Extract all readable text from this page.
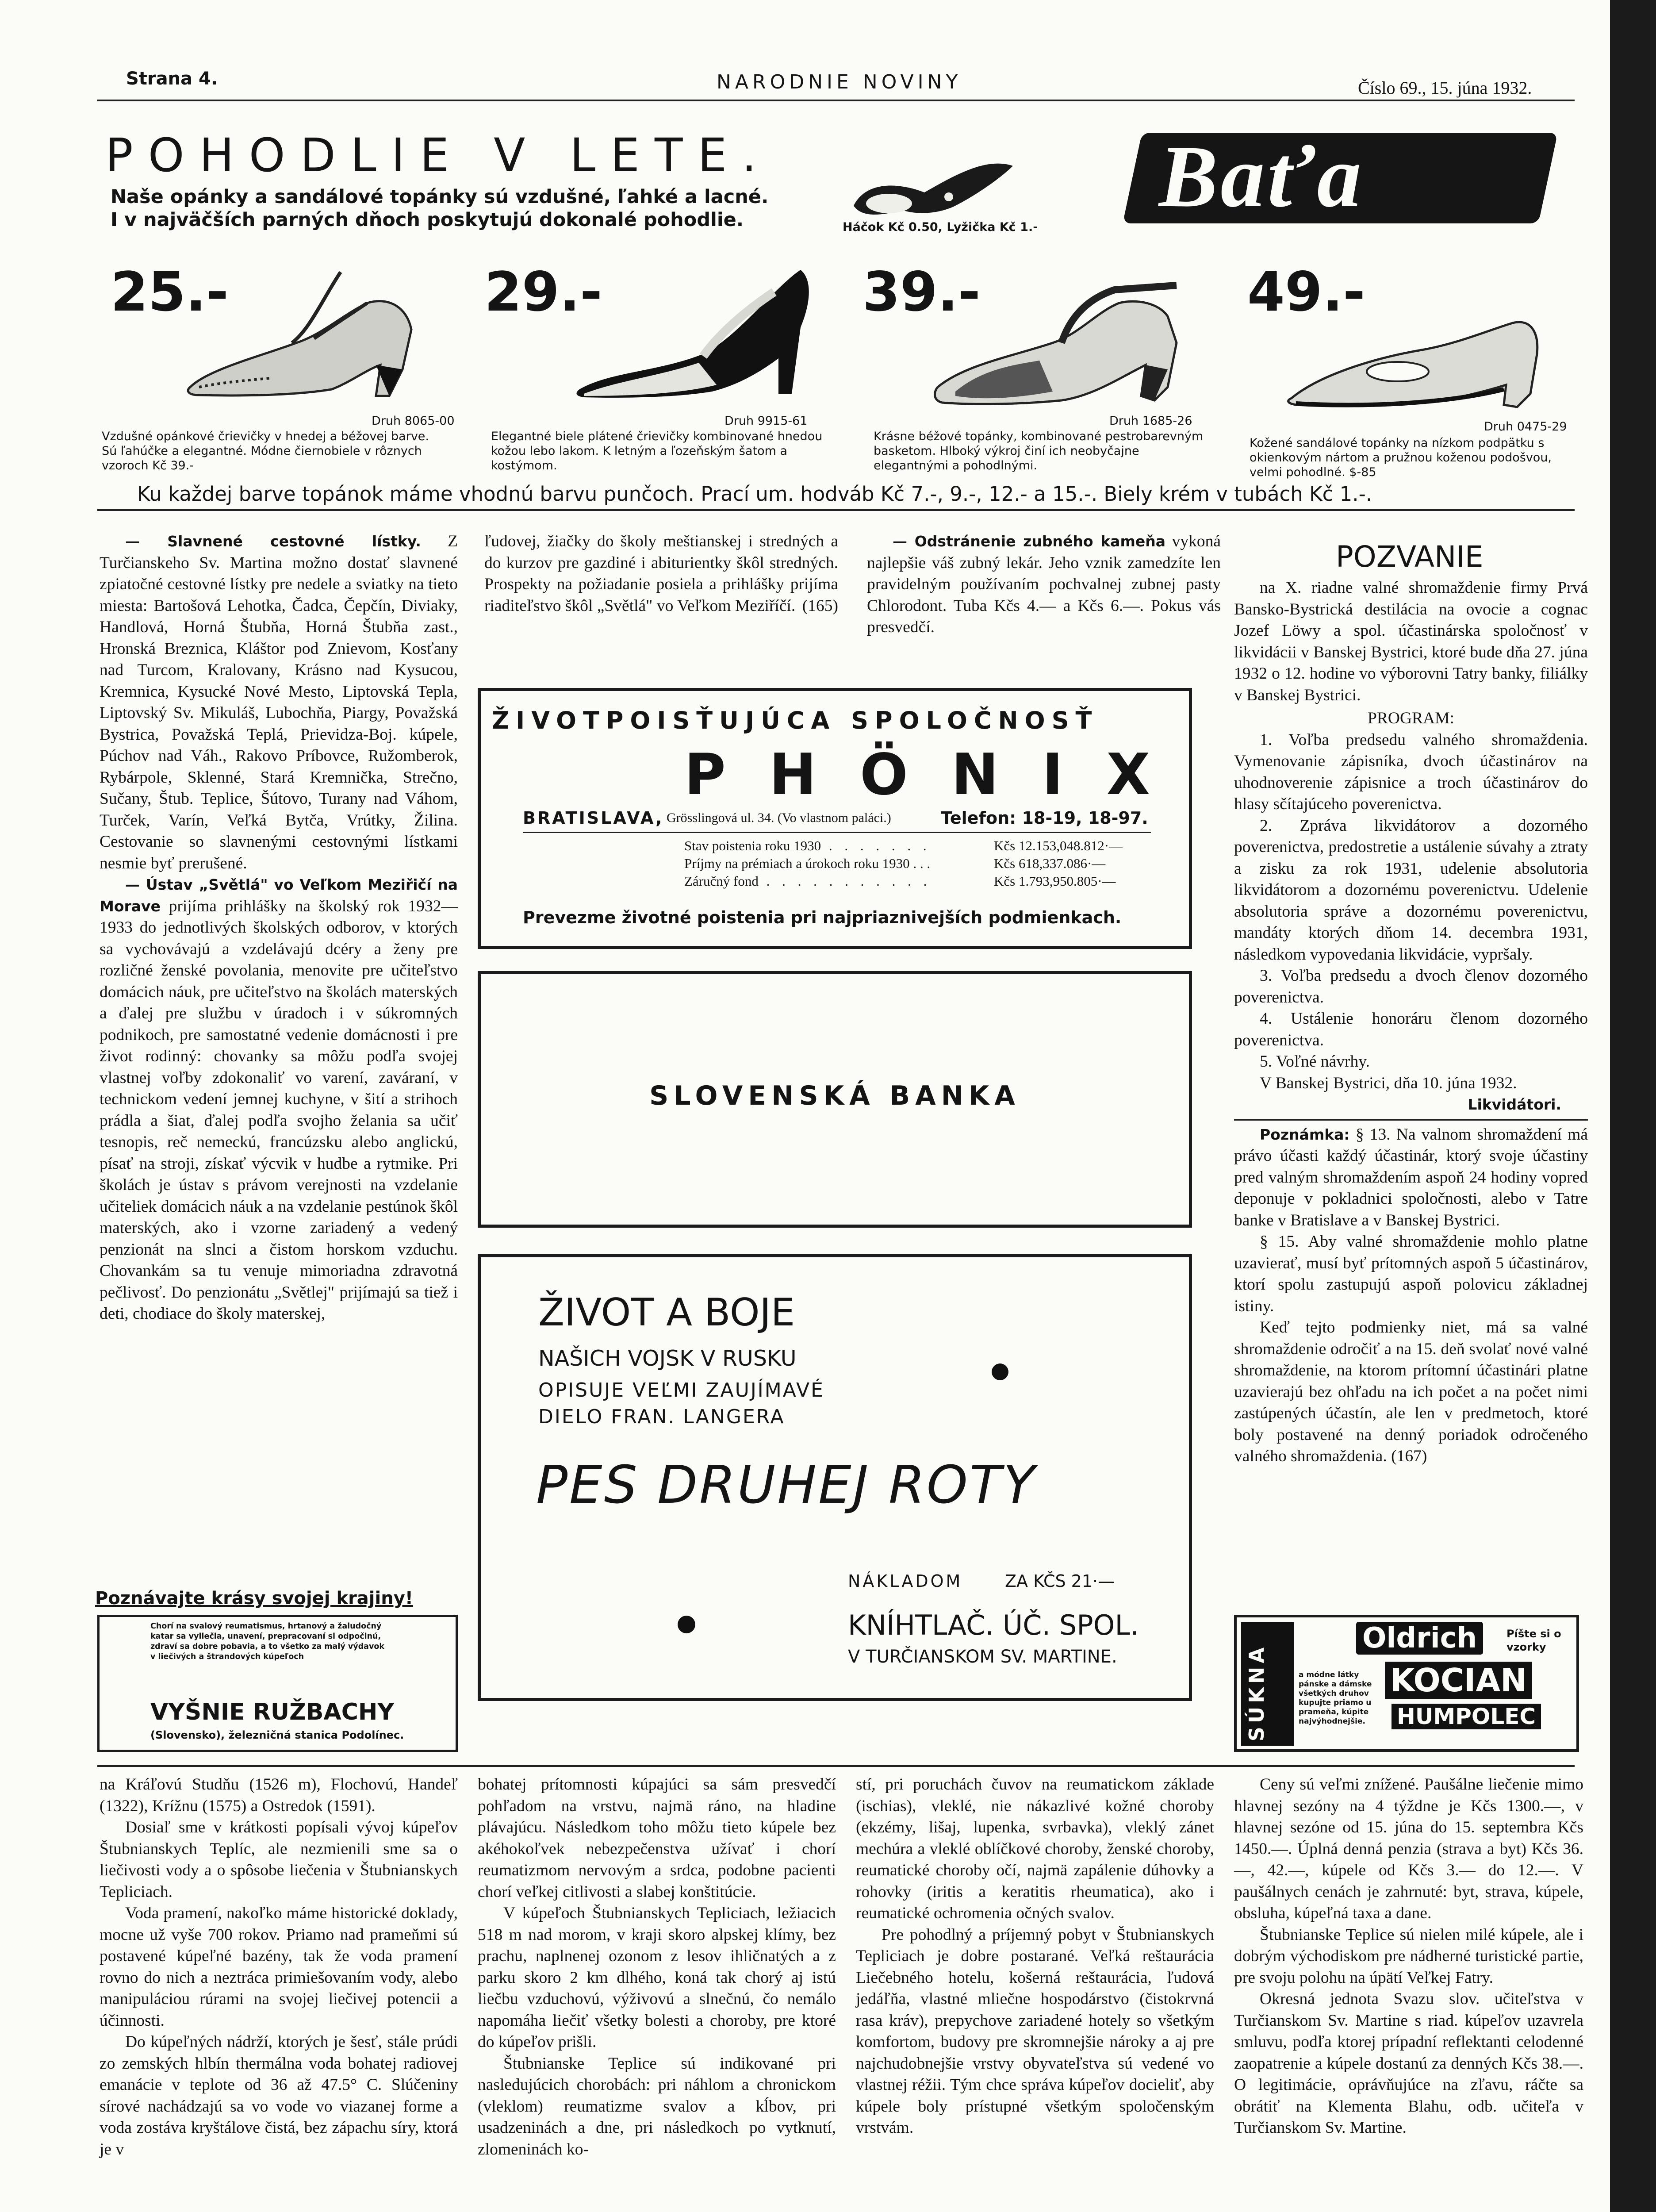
Strana 4.	NARODNIE NOVINY	Číslo 69., 15. júna 1932.
POHODLIE V LETE.
Naše opánky a sandálové topánky sú vzdušné, ľahké a lacné.
I v najväčších parných dňoch poskytujú dokonalé pohodlie.	Háčok Kč 0.50, Lyžička Kč 1.-
Baťa
25.-
Druh 8065-00
Vzdušné opánkové črievičky v hnedej a béžovej barve. Sú ľahúčke a elegantné. Módne čiernobiele v rôznych vzoroch Kč 39.-
29.-
Druh 9915-61
Elegantné biele plátené črievičky kombinované hnedou kožou lebo lakom. K letným a ľozeňským šatom a kostýmom.
39.-
Druh 1685-26
Krásne béžové topánky, kombinované pestrobarevným basketom. Hlboký výkroj činí ich neobyčajne elegantnými a pohodlnými.
49.-
Druh 0475-29
Kožené sandálové topánky na nízkom podpätku s okienkovým nártom a pružnou koženou podošvou, velmi pohodlné. $-85
Ku každej barve topánok máme vhodnú barvu punčoch. Prací um. hodváb Kč 7.-, 9.-, 12.- a 15.-. Biely krém v tubách Kč 1.-.

— Slavnené cestovné lístky. Z Turčianskeho Sv. Martina možno dostať slavnené zpiatočné cestovné lístky pre nedele a sviatky na tieto miesta: Bartošová Lehotka, Čadca, Čepčín, Diviaky, Handlová, Horná Štubňa, Horná Štubňa zast., Hronská Breznica, Kláštor pod Znievom, Kosťany nad Turcom, Kralovany, Krásno nad Kysucou, Kremnica, Kysucké Nové Mesto, Liptovská Tepla, Liptovský Sv. Mikuláš, Lubochňa, Piargy, Považská Bystrica, Považská Teplá, Prievidza-Boj. kúpele, Púchov nad Váh., Rakovo Príbovce, Ružomberok, Rybárpole, Sklenné, Stará Kremnička, Strečno, Sučany, Štub. Teplice, Šútovo, Turany nad Váhom, Turček, Varín, Veľká Bytča, Vrútky, Žilina. Cestovanie so slavnenými cestovnými lístkami nesmie byť prerušené.

— Ústav „Světlá" vo Veľkom Meziřičí na Morave prijíma prihlášky na školský rok 1932—1933 do jednotlivých školských odborov, v ktorých sa vychovávajú a vzdelávajú dcéry a ženy pre rozličné ženské povolania, menovite pre učiteľstvo domácich náuk, pre učiteľstvo na školách materských a ďalej pre službu v úradoch i v súkromných podnikoch, pre samostatné vedenie domácnosti i pre život rodinný: chovanky sa môžu podľa svojej vlastnej voľby zdokonaliť vo varení, zaváraní, v technickom vedení jemnej kuchyne, v šití a strihoch prádla a šiat, ďalej podľa svojho želania sa učiť tesnopis, reč nemeckú, francúzsku alebo anglickú, písať na stroji, získať výcvik v hudbe a rytmike. Pri školách je ústav s právom verejnosti na vzdelanie učiteliek domácich náuk a na vzdelanie pestúnok škôl materských, ako i vzorne zariadený a vedený penzionát na slnci a čistom horskom vzduchu. Chovankám sa tu venuje mimoriadna zdravotná pečlivosť. Do penzionátu „Světlej" prijímajú sa tiež i deti, chodiace do školy materskej,

Poznávajte krásy svojej krajiny!
Chorí na svalový reumatismus, hrtanový a žaludočný katar sa vyliečia, unavení, prepracovaní si odpočinú, zdraví sa dobre pobavia, a to všetko za malý výdavok v liečivých a štrandových kúpeľoch
VYŠNIE RUŽBACHY
(Slovensko), železničná stanica Podolínec.

ľudovej, žiačky do školy meštianskej i stredných a do kurzov pre gazdiné i abiturientky škôl stredných. Prospekty na požiadanie posiela a prihlášky prijíma riaditeľstvo škôl „Světlá" vo Veľkom Meziříčí. (165)

— Odstránenie zubného kameňa vykoná najlepšie váš zubný lekár. Jeho vznik zamedzíte len pravidelným používaním pochvalnej zubnej pasty Chlorodont. Tuba Kčs 4.— a Kčs 6.—. Pokus vás presvedčí.

ŽIVOTPOISŤUJÚCA SPOLOČNOSŤ
PHÖNIX
BRATISLAVA, Grösslingová ul. 34. (Vo vlastnom paláci.)	Telefon: 18-19, 18-97.
Stav poistenia roku 1930 . . . . . . .	Kčs 12.153,048.812·—
Príjmy na prémiach a úrokoch roku 1930 . . .	Kčs 618,337.086·—
Záručný fond . . . . . . . . . . .	Kčs 1.793,950.805·—
Prevezme životné poistenia pri najpriaznivejších podmienkach.
SLOVENSKÁ BANKA
ŽIVOT A BOJE
NAŠICH VOJSK V RUSKU
OPISUJE VEĽMI ZAUJÍMAVÉ
DIELO FRAN. LANGERA
PES DRUHEJ ROTY
NÁKLADOM	ZA KČS 21·—
KNÍHTLAČ. ÚČ. SPOL.
V TURČIANSKOM SV. MARTINE.
POZVANIE

na X. riadne valné shromaždenie firmy Prvá Bansko-Bystrická destilácia na ovocie a cognac Jozef Löwy a spol. účastinárska spoločnosť v likvidácii v Banskej Bystrici, ktoré bude dňa 27. júna 1932 o 12. hodine vo výborovni Tatry banky, filiálky v Banskej Bystrici.

PROGRAM:

1. Voľba predsedu valného shromaždenia. Vymenovanie zápisníka, dvoch účastinárov na uhodnoverenie zápisnice a troch účastinárov do hlasy sčítajúceho poverenictva.

2. Zpráva likvidátorov a dozorného poverenictva, predostretie a ustálenie súvahy a ztraty a zisku za rok 1931, udelenie absolutoria likvidátorom a dozornému poverenictvu. Udelenie absolutoria správe a dozornému poverenictvu, mandáty ktorých dňom 14. decembra 1931, následkom vypovedania likvidácie, vypršaly.

3. Voľba predsedu a dvoch členov dozorného poverenictva.

4. Ustálenie honoráru členom dozorného poverenictva.

5. Voľné návrhy.

V Banskej Bystrici, dňa 10. júna 1932.

Likvidátori.

Poznámka: § 13. Na valnom shromaždení má právo účasti každý účastinár, ktorý svoje účastiny pred valným shromaždením aspoň 24 hodiny vopred deponuje v pokladnici spoločnosti, alebo v Tatre banke v Bratislave a v Banskej Bystrici.

§ 15. Aby valné shromaždenie mohlo platne uzavierať, musí byť prítomných aspoň 5 účastinárov, ktorí spolu zastupujú aspoň polovicu základnej istiny.

Keď tejto podmienky niet, má sa valné shromaždenie odročiť a na 15. deň svolať nové valné shromaždenie, na ktorom prítomní účastinári platne uzavierajú bez ohľadu na ich počet a na počet nimi zastúpených účastín, ale len v predmetoch, ktoré boly postavené na denný poriadok odročeného valného shromaždenia. (167)

SÚKNA
Oldrich	Píšte si o vzorky
a módne látky pánske a dámske všetkých druhov kupujte priamo u prameňa, kúpite najvýhodnejšie.
KOCIAN
HUMPOLEC

na Kráľovú Studňu (1526 m), Flochovú, Handeľ (1322), Krížnu (1575) a Ostredok (1591).

Dosiaľ sme v krátkosti popísali vývoj kúpeľov Štubnianskych Teplíc, ale nezmienili sme sa o liečivosti vody a o spôsobe liečenia v Štubnianskych Tepliciach.

Voda pramení, nakoľko máme historické doklady, mocne už vyše 700 rokov. Priamo nad prameňmi sú postavené kúpeľné bazény, tak že voda pramení rovno do nich a neztráca primiešovaním vody, alebo manipuláciou rúrami na svojej liečivej potencii a účinnosti.

Do kúpeľných nádrží, ktorých je šesť, stále prúdi zo zemských hlbín thermálna voda bohatej radiovej emanácie v teplote od 36 až 47.5° C. Slúčeniny sírové nachádzajú sa vo vode vo viazanej forme a voda zostáva kryštálove čistá, bez zápachu síry, ktorá je v

bohatej prítomnosti kúpajúci sa sám presvedčí pohľadom na vrstvu, najmä ráno, na hladine plávajúcu. Následkom toho môžu tieto kúpele bez akéhokoľvek nebezpečenstva užívať i chorí reumatizmom nervovým a srdca, podobne pacienti chorí veľkej citlivosti a slabej konštitúcie.

V kúpeľoch Štubnianskych Tepliciach, ležiacich 518 m nad morom, v kraji skoro alpskej klímy, bez prachu, naplnenej ozonom z lesov ihličnatých a z parku skoro 2 km dlhého, koná tak chorý aj istú liečbu vzduchovú, výživovú a slnečnú, čo nemálo napomáha liečiť všetky bolesti a choroby, pre ktoré do kúpeľov prišli.

Štubnianske Teplice sú indikované pri nasledujúcich chorobách: pri náhlom a chronickom (vleklom) reumatizme svalov a kĺbov, pri usadzeninách a dne, pri následkoch po vytknutí, zlomeninách ko-

stí, pri poruchách čuvov na reumatickom základe (ischias), vleklé, nie nákazlivé kožné choroby (ekzémy, lišaj, lupenka, svrbavka), vleklý zánet mechúra a vleklé oblíčkové choroby, ženské choroby, reumatické choroby očí, najmä zapálenie dúhovky a rohovky (iritis a keratitis rheumatica), ako i reumatické ochromenia očných svalov.

Pre pohodlný a príjemný pobyt v Štubnianskych Tepliciach je dobre postarané. Veľká reštaurácia Liečebného hotelu, košerná reštaurácia, ľudová jedáľňa, vlastné mliečne hospodárstvo (čistokrvná rasa kráv), prepychove zariadené hotely so všetkým komfortom, budovy pre skromnejšie nároky a aj pre najchudobnejšie vrstvy obyvateľstva sú vedené vo vlastnej réžii. Tým chce správa kúpeľov docieliť, aby kúpele boly prístupné všetkým spoločenským vrstvám.

Ceny sú veľmi znížené. Paušálne liečenie mimo hlavnej sezóny na 4 týždne je Kčs 1300.—, v hlavnej sezóne od 15. júna do 15. septembra Kčs 1450.—. Úplná denná penzia (strava a byt) Kčs 36.—, 42.—, kúpele od Kčs 3.— do 12.—. V paušálnych cenách je zahrnuté: byt, strava, kúpele, obsluha, kúpeľná taxa a dane.

Štubnianske Teplice sú nielen milé kúpele, ale i dobrým východiskom pre nádherné turistické partie, pre svoju polohu na úpätí Veľkej Fatry.

Okresná jednota Svazu slov. učiteľstva v Turčianskom Sv. Martine s riad. kúpeľov uzavrela smluvu, podľa ktorej prípadní reflektanti celodenné zaopatrenie a kúpele dostanú za denných Kčs 38.—. O legitimácie, oprávňujúce na zľavu, ráčte sa obrátiť na Klementa Blahu, odb. učiteľa v Turčianskom Sv. Martine.
